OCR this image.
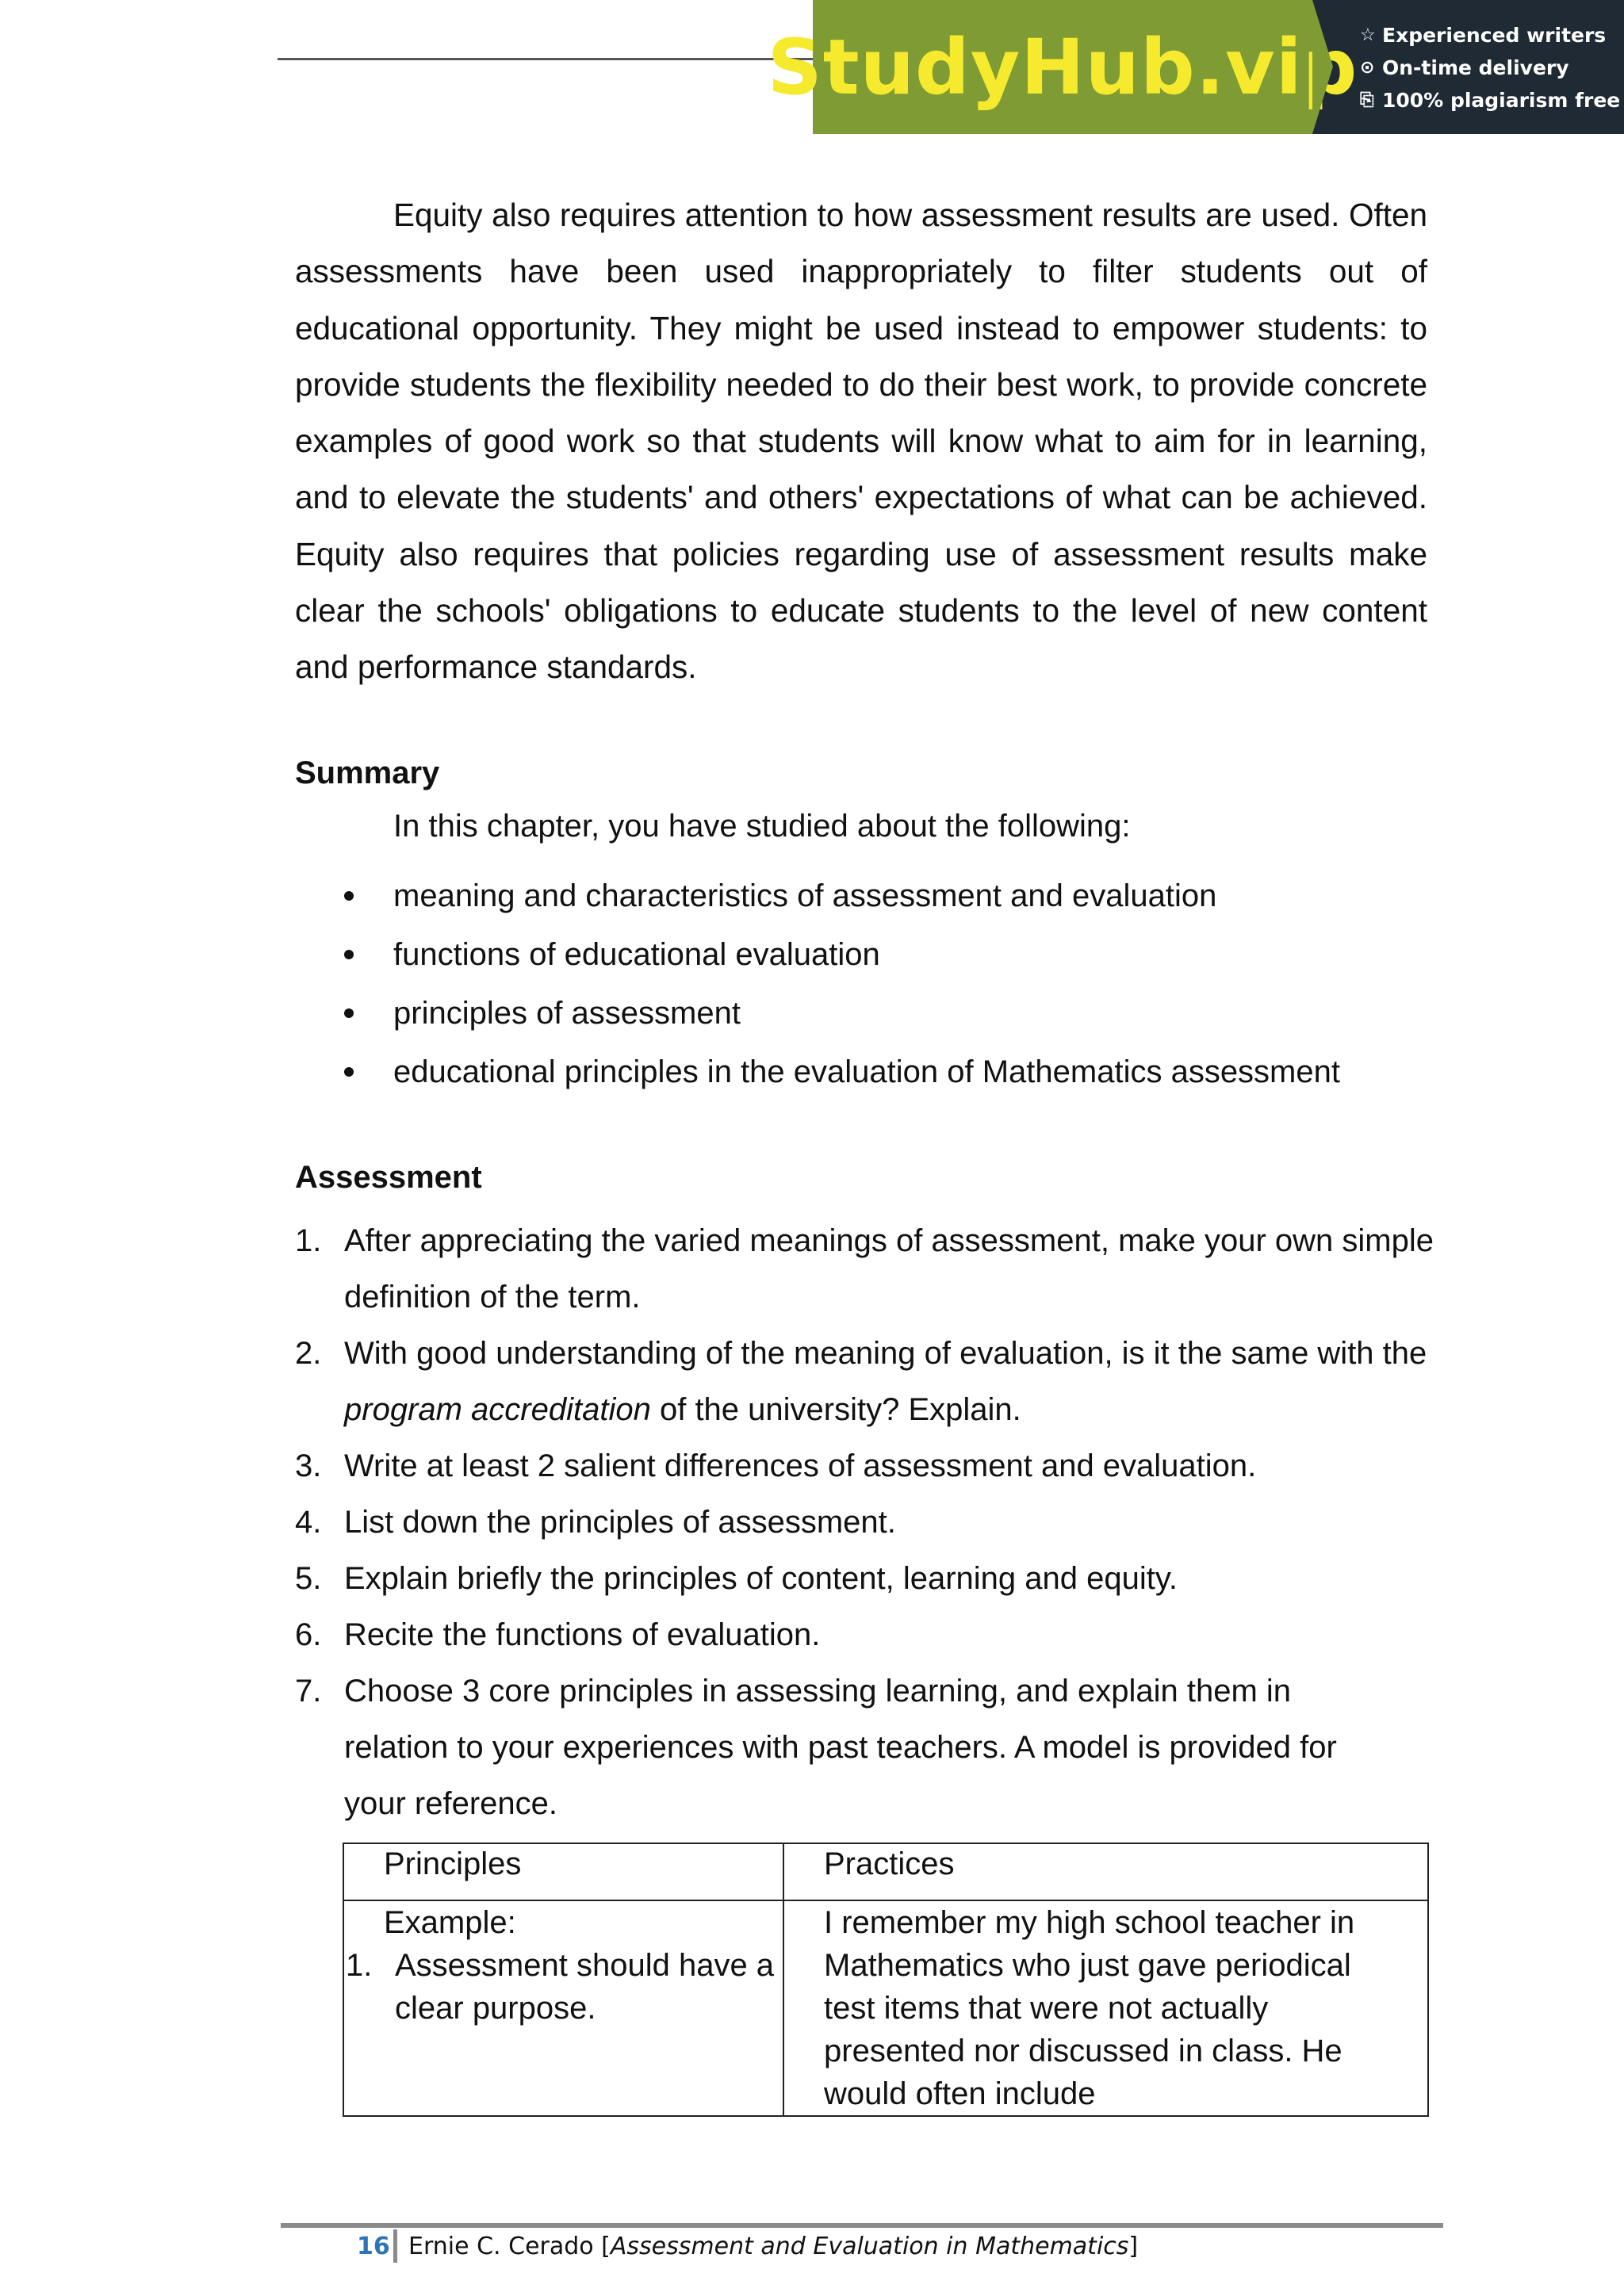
StudyHub.vip ☆ Experienced writers
⊙ On-time delivery
⎘ 100% plagiarism free
Equity also requires attention to how assessment results are used. Often assessments have been used inappropriately to filter students out of educational opportunity. They might be used instead to empower students: to provide students the flexibility needed to do their best work, to provide concrete examples of good work so that students will know what to aim for in learning, and to elevate the students' and others' expectations of what can be achieved. Equity also requires that policies regarding use of assessment results make clear the schools' obligations to educate students to the level of new content and performance standards.
Summary
In this chapter, you have studied about the following:
meaning and characteristics of assessment and evaluation
functions of educational evaluation
principles of assessment
educational principles in the evaluation of Mathematics assessment
Assessment
1. After appreciating the varied meanings of assessment, make your own simple definition of the term.
2. With good understanding of the meaning of evaluation, is it the same with the program accreditation of the university? Explain.
3. Write at least 2 salient differences of assessment and evaluation.
4. List down the principles of assessment.
5. Explain briefly the principles of content, learning and equity.
6. Recite the functions of evaluation.
7. Choose 3 core principles in assessing learning, and explain them in relation to your experiences with past teachers. A model is provided for your reference.
Principles	Practices

Example:
1. Assessment should have a clear purpose.	I remember my high school teacher in Mathematics who just gave periodical test items that were not actually presented nor discussed in class. He would often include
16 Ernie C. Cerado [ Assessment and Evaluation in Mathematics ]
